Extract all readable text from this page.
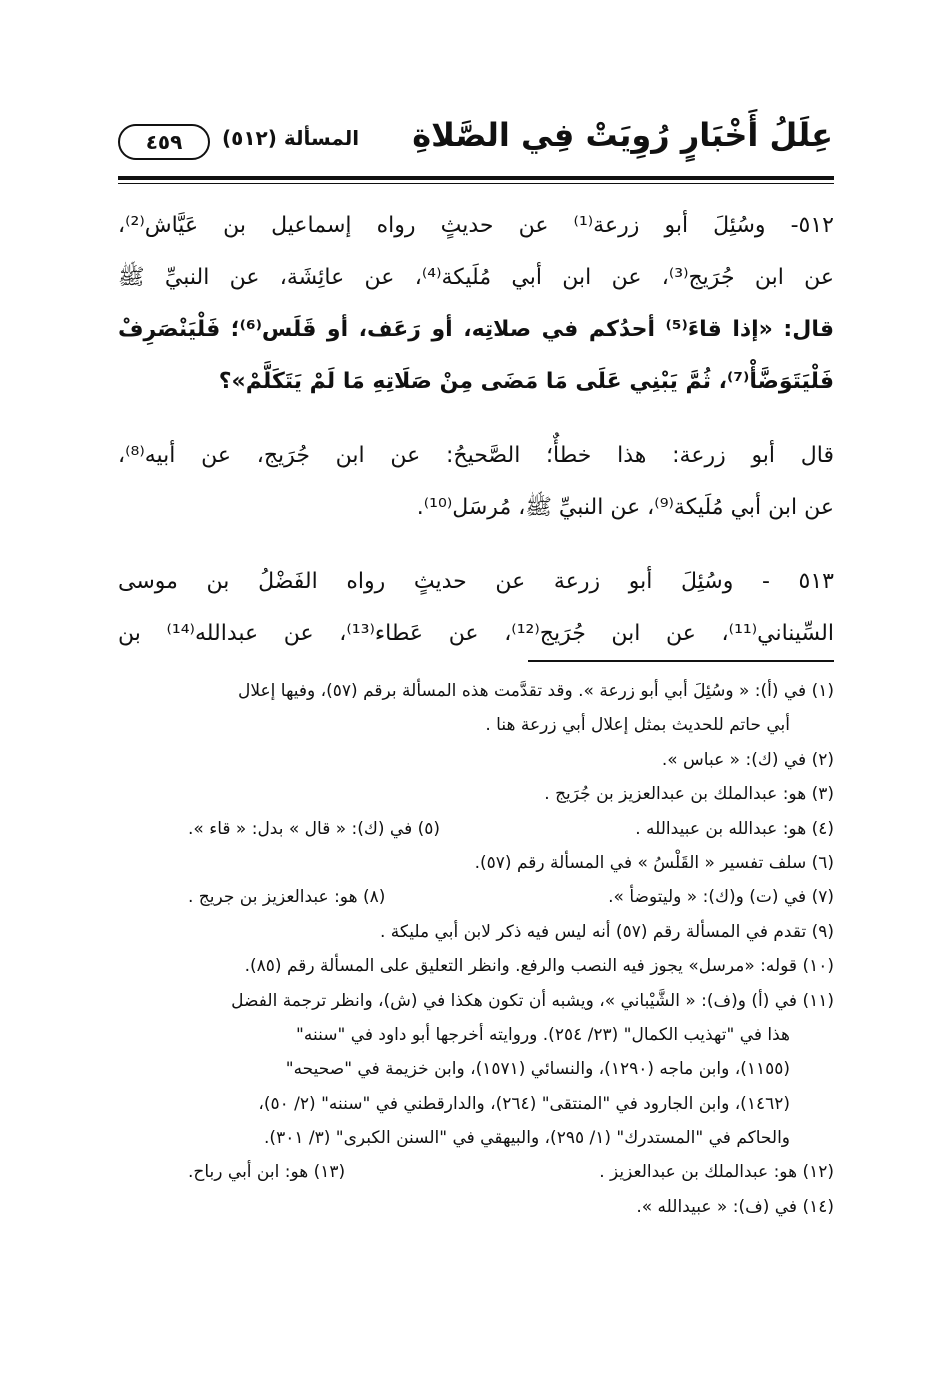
عِلَلُ أَخْبَارٍ رُوِيَتْ فِي الصَّلاةِ
المسألة (٥١٢)
٤٥٩

٥١٢- وسُئِلَ أبو زرعة⁽¹⁾ عن حديثٍ رواه إسماعيل بن عَيَّاش⁽²⁾،
عن ابن جُرَيج⁽³⁾، عن ابن أبي مُلَيكة⁽⁴⁾، عن عائِشَة، عن النبيِّ ﷺ
قال: «إذا قاءَ⁽⁵⁾ أحدُكم في صلاتِه، أو رَعَف، أو قَلَس⁽⁶⁾؛ فَلْيَنْصَرِفْ
فَلْيَتَوَضَّأْ⁽⁷⁾، ثُمَّ يَبْنِي عَلَى مَا مَضَى مِنْ صَلَاتِهِ مَا لَمْ يَتَكَلَّمْ»؟

قال أبو زرعة: هذا خطأٌ؛ الصَّحيحُ: عن ابن جُرَيج، عن أبيه⁽⁸⁾،
عن ابن أبي مُلَيكة⁽⁹⁾، عن النبيِّ ﷺ، مُرسَل⁽¹⁰⁾.

٥١٣ - وسُئِلَ أبو زرعة عن حديثٍ رواه الفَضْلُ بن موسى
السِّيناني⁽¹¹⁾، عن ابن جُرَيج⁽¹²⁾، عن عَطاء⁽¹³⁾، عن عبدالله⁽¹⁴⁾ بن

(١) في (أ): « وسُئِلَ أبي أبو زرعة ». وقد تقدَّمت هذه المسألة برقم (٥٧)، وفيها إعلال
أبي حاتم للحديث بمثل إعلال أبي زرعة هنا .
(٢) في (ك): « عباس ».
(٣) هو: عبدالملك بن عبدالعزيز بن جُرَيج .
(٤) هو: عبدالله بن عبيدالله .
(٥) في (ك): « قال » بدل: « قاء ».
(٦) سلف تفسير « القَلْسُ » في المسألة رقم (٥٧).
(٧) في (ت) و(ك): « وليتوضأ ».
(٨) هو: عبدالعزيز بن جريج .
(٩) تقدم في المسألة رقم (٥٧) أنه ليس فيه ذكر لابن أبي مليكة .
(١٠) قوله: «مرسل» يجوز فيه النصب والرفع. وانظر التعليق على المسألة رقم (٨٥).
(١١) في (أ) و(ف): « الشَّيْباني »، ويشبه أن تكون هكذا في (ش)، وانظر ترجمة الفضل
هذا في "تهذيب الكمال" (٢٣/ ٢٥٤). وروايته أخرجها أبو داود في "سننه"
(١١٥٥)، وابن ماجه (١٢٩٠)، والنسائي (١٥٧١)، وابن خزيمة في "صحيحه"
(١٤٦٢)، وابن الجارود في "المنتقى" (٢٦٤)، والدارقطني في "سننه" (٢/ ٥٠)،
والحاكم في "المستدرك" (١/ ٢٩٥)، والبيهقي في "السنن الكبرى" (٣/ ٣٠١).
(١٢) هو: عبدالملك بن عبدالعزيز .
(١٣) هو: ابن أبي رباح.
(١٤) في (ف): « عبيدالله ».
